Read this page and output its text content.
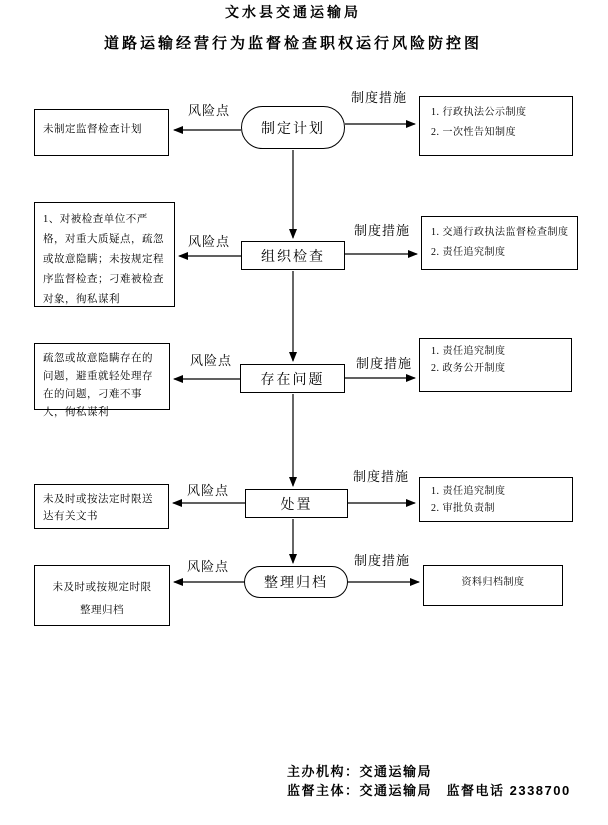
文水县交通运输局
道路运输经营行为监督检查职权运行风险防控图
风险点
制度措施
制定计划
未制定监督检查计划
1. 行政执法公示制度
2. 一次性告知制度
风险点
制度措施
组织检查
1、对被检查单位不严格，对重大质疑点，疏忽或故意隐瞒；未按规定程序监督检查；刁难被检查对象，徇私谋利
1. 交通行政执法监督检查制度
2. 责任追究制度
风险点	制度措施
存在问题
疏忽或故意隐瞒存在的问题，避重就轻处理存在的问题，刁难不事人，徇私谋利
1. 责任追究制度
2. 政务公开制度
风险点
制度措施
处置
未及时或按法定时限送达有关文书
1. 责任追究制度
2. 审批负责制
风险点	制度措施
整理归档
未及时或按规定时限
整理归档
资料归档制度
主办机构：交通运输局
监督主体：交通运输局　监督电话 2338700
